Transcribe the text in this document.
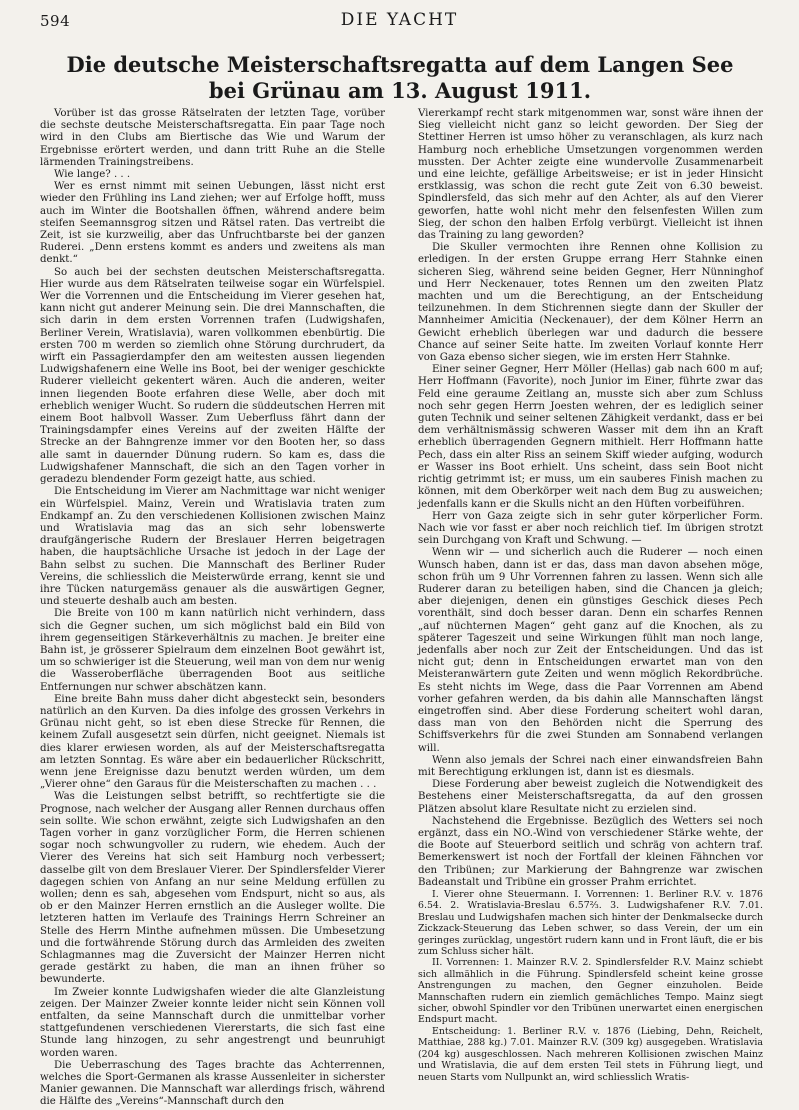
594	DIE YACHT
Die deutsche Meisterschaftsregatta auf dem Langen See bei Grünau am 13. August 1911.

Vorüber ist das grosse Rätselraten der letzten Tage, vorüber die sechste deutsche Meisterschaftsregatta. Ein paar Tage noch wird in den Clubs am Biertische das Wie und Warum der Ergebnisse erörtert werden, und dann tritt Ruhe an die Stelle lärmenden Trainingstreibens.

Wie lange? . . .

Wer es ernst nimmt mit seinen Uebungen, lässt nicht erst wieder den Frühling ins Land ziehen; wer auf Erfolge hofft, muss auch im Winter die Bootshallen öffnen, während andere beim steifen Seemannsgrog sitzen und Rätsel raten. Das vertreibt die Zeit, ist sie kurzweilig, aber das Unfruchtbarste bei der ganzen Ruderei. „Denn erstens kommt es anders und zweitens als man denkt.“

So auch bei der sechsten deutschen Meisterschaftsregatta. Hier wurde aus dem Rätselraten teilweise sogar ein Würfelspiel. Wer die Vorrennen und die Entscheidung im Vierer gesehen hat, kann nicht gut anderer Meinung sein. Die drei Mannschaften, die sich darin in dem ersten Vorrennen trafen (Ludwigshafen, Berliner Verein, Wratislavia), waren vollkommen ebenbürtig. Die ersten 700 m werden so ziemlich ohne Störung durchrudert, da wirft ein Passagierdampfer den am weitesten aussen liegenden Ludwigshafenern eine Welle ins Boot, bei der weniger geschickte Ruderer vielleicht gekentert wären. Auch die anderen, weiter innen liegenden Boote erfahren diese Welle, aber doch mit erheblich weniger Wucht. So rudern die süddeutschen Herren mit einem Boot halbvoll Wasser. Zum Ueberfluss fährt dann der Trainingsdampfer eines Vereins auf der zweiten Hälfte der Strecke an der Bahngrenze immer vor den Booten her, so dass alle samt in dauernder Dünung rudern. So kam es, dass die Ludwigshafener Mannschaft, die sich an den Tagen vorher in geradezu blendender Form gezeigt hatte, aus schied.

Die Entscheidung im Vierer am Nachmittage war nicht weniger ein Würfelspiel. Mainz, Verein und Wratislavia traten zum Endkampf an. Zu den verschiedenen Kollisionen zwischen Mainz und Wratislavia mag das an sich sehr lobenswerte draufgängerische Rudern der Breslauer Herren beigetragen haben, die hauptsächliche Ursache ist jedoch in der Lage der Bahn selbst zu suchen. Die Mannschaft des Berliner Ruder Vereins, die schliesslich die Meisterwürde errang, kennt sie und ihre Tücken naturgemäss genauer als die auswärtigen Gegner, und steuerte deshalb auch am besten.

Die Breite von 100 m kann natürlich nicht verhindern, dass sich die Gegner suchen, um sich möglichst bald ein Bild von ihrem gegenseitigen Stärkeverhältnis zu machen. Je breiter eine Bahn ist, je grösserer Spielraum dem einzelnen Boot gewährt ist, um so schwieriger ist die Steuerung, weil man von dem nur wenig die Wasseroberfläche überragenden Boot aus seitliche Entfernungen nur schwer abschätzen kann.

Eine breite Bahn muss daher dicht abgesteckt sein, besonders natürlich an den Kurven. Da dies infolge des grossen Verkehrs in Grünau nicht geht, so ist eben diese Strecke für Rennen, die keinem Zufall ausgesetzt sein dürfen, nicht geeignet. Niemals ist dies klarer erwiesen worden, als auf der Meisterschaftsregatta am letzten Sonntag. Es wäre aber ein bedauerlicher Rückschritt, wenn jene Ereignisse dazu benutzt werden würden, um dem „Vierer ohne“ den Garaus für die Meisterschaften zu machen . . .

Was die Leistungen selbst betrifft, so rechtfertigte sie die Prognose, nach welcher der Ausgang aller Rennen durchaus offen sein sollte. Wie schon erwähnt, zeigte sich Ludwigshafen an den Tagen vorher in ganz vorzüglicher Form, die Herren schienen sogar noch schwungvoller zu rudern, wie ehedem. Auch der Vierer des Vereins hat sich seit Hamburg noch verbessert; dasselbe gilt von dem Breslauer Vierer. Der Spindlersfelder Vierer dagegen schien von Anfang an nur seine Meldung erfüllen zu wollen; denn es sah, abgesehen vom Endspurt, nicht so aus, als ob er den Mainzer Herren ernstlich an die Ausleger wollte. Die letzteren hatten im Verlaufe des Trainings Herrn Schreiner an Stelle des Herrn Minthe aufnehmen müssen. Die Umbesetzung und die fortwährende Störung durch das Armleiden des zweiten Schlagmannes mag die Zuversicht der Mainzer Herren nicht gerade gestärkt zu haben, die man an ihnen früher so bewunderte.

Im Zweier konnte Ludwigshafen wieder die alte Glanzleistung zeigen. Der Mainzer Zweier konnte leider nicht sein Können voll entfalten, da seine Mannschaft durch die unmittelbar vorher stattgefundenen verschiedenen Viererstarts, die sich fast eine Stunde lang hinzogen, zu sehr angestrengt und beunruhigt worden waren.

Die Ueberraschung des Tages brachte das Achterrennen, welches die Sport-Germanen als krasse Aussenleiter in sicherster Manier gewannen. Die Mannschaft war allerdings frisch, während die Hälfte des „Vereins“-Mannschaft durch den

Viererkampf recht stark mitgenommen war, sonst wäre ihnen der Sieg vielleicht nicht ganz so leicht geworden. Der Sieg der Stettiner Herren ist umso höher zu veranschlagen, als kurz nach Hamburg noch erhebliche Umsetzungen vorgenommen werden mussten. Der Achter zeigte eine wundervolle Zusammenarbeit und eine leichte, gefällige Arbeitsweise; er ist in jeder Hinsicht erstklassig, was schon die recht gute Zeit von 6.30 beweist. Spindlersfeld, das sich mehr auf den Achter, als auf den Vierer geworfen, hatte wohl nicht mehr den felsenfesten Willen zum Sieg, der schon den halben Erfolg verbürgt. Vielleicht ist ihnen das Training zu lang geworden?

Die Skuller vermochten ihre Rennen ohne Kollision zu erledigen. In der ersten Gruppe errang Herr Stahnke einen sicheren Sieg, während seine beiden Gegner, Herr Nünninghof und Herr Neckenauer, totes Rennen um den zweiten Platz machten und um die Berechtigung, an der Entscheidung teilzunehmen. In dem Stichrennen siegte dann der Skuller der Mannheimer Amicitia (Neckenauer), der dem Kölner Herrn an Gewicht erheblich überlegen war und dadurch die bessere Chance auf seiner Seite hatte. Im zweiten Vorlauf konnte Herr von Gaza ebenso sicher siegen, wie im ersten Herr Stahnke.

Einer seiner Gegner, Herr Möller (Hellas) gab nach 600 m auf; Herr Hoffmann (Favorite), noch Junior im Einer, führte zwar das Feld eine geraume Zeitlang an, musste sich aber zum Schluss noch sehr gegen Herrn Joesten wehren, der es lediglich seiner guten Technik und seiner seltenen Zähigkeit verdankt, dass er bei dem verhältnismässig schweren Wasser mit dem ihn an Kraft erheblich überragenden Gegnern mithielt. Herr Hoffmann hatte Pech, dass ein alter Riss an seinem Skiff wieder aufging, wodurch er Wasser ins Boot erhielt. Uns scheint, dass sein Boot nicht richtig getrimmt ist; er muss, um ein sauberes Finish machen zu können, mit dem Oberkörper weit nach dem Bug zu ausweichen; jedenfalls kann er die Skulls nicht an den Hüften vorbeiführen.

Herr von Gaza zeigte sich in sehr guter körperlicher Form. Nach wie vor fasst er aber noch reichlich tief. Im übrigen strotzt sein Durchgang von Kraft und Schwung. —

Wenn wir — und sicherlich auch die Ruderer — noch einen Wunsch haben, dann ist er das, dass man davon absehen möge, schon früh um 9 Uhr Vorrennen fahren zu lassen. Wenn sich alle Ruderer daran zu beteiligen haben, sind die Chancen ja gleich; aber diejenigen, denen ein günstiges Geschick dieses Pech vorenthält, sind doch besser daran. Denn ein scharfes Rennen „auf nüchternen Magen“ geht ganz auf die Knochen, als zu späterer Tageszeit und seine Wirkungen fühlt man noch lange, jedenfalls aber noch zur Zeit der Entscheidungen. Und das ist nicht gut; denn in Entscheidungen erwartet man von den Meisteranwärtern gute Zeiten und wenn möglich Rekordbrüche. Es steht nichts im Wege, dass die Paar Vorrennen am Abend vorher gefahren werden, da bis dahin alle Mannschaften längst eingetroffen sind. Aber diese Forderung scheitert wohl daran, dass man von den Behörden nicht die Sperrung des Schiffsverkehrs für die zwei Stunden am Sonnabend verlangen will.

Wenn also jemals der Schrei nach einer einwandsfreien Bahn mit Berechtigung erklungen ist, dann ist es diesmals.

Diese Forderung aber beweist zugleich die Notwendigkeit des Bestehens einer Meisterschaftsregatta, da auf den grossen Plätzen absolut klare Resultate nicht zu erzielen sind.

Nachstehend die Ergebnisse. Bezüglich des Wetters sei noch ergänzt, dass ein NO.-Wind von verschiedener Stärke wehte, der die Boote auf Steuerbord seitlich und schräg von achtern traf. Bemerkenswert ist noch der Fortfall der kleinen Fähnchen vor den Tribünen; zur Markierung der Bahngrenze war zwischen Badeanstalt und Tribüne ein grosser Prahm errichtet.

I. Vierer ohne Steuermann. I. Vorrennen: 1. Berliner R.V. v. 1876 6.54. 2. Wratislavia-Breslau 6.57⅔. 3. Ludwigshafener R.V. 7.01. Breslau und Ludwigshafen machen sich hinter der Denkmalsecke durch Zickzack-Steuerung das Leben schwer, so dass Verein, der um ein geringes zurücklag, ungestört rudern kann und in Front läuft, die er bis zum Schluss sicher hält.

II. Vorrennen: 1. Mainzer R.V. 2. Spindlersfelder R.V. Mainz schiebt sich allmählich in die Führung. Spindlersfeld scheint keine grosse Anstrengungen zu machen, den Gegner einzuholen. Beide Mannschaften rudern ein ziemlich gemächliches Tempo. Mainz siegt sicher, obwohl Spindler vor den Tribünen unerwartet einen energischen Endspurt macht.

Entscheidung: 1. Berliner R.V. v. 1876 (Liebing, Dehn, Reichelt, Matthiae, 288 kg.) 7.01. Mainzer R.V. (309 kg) ausgegeben. Wratislavia (204 kg) ausgeschlossen. Nach mehreren Kollisionen zwischen Mainz und Wratislavia, die auf dem ersten Teil stets in Führung liegt, und neuen Starts vom Nullpunkt an, wird schliesslich Wratis-
